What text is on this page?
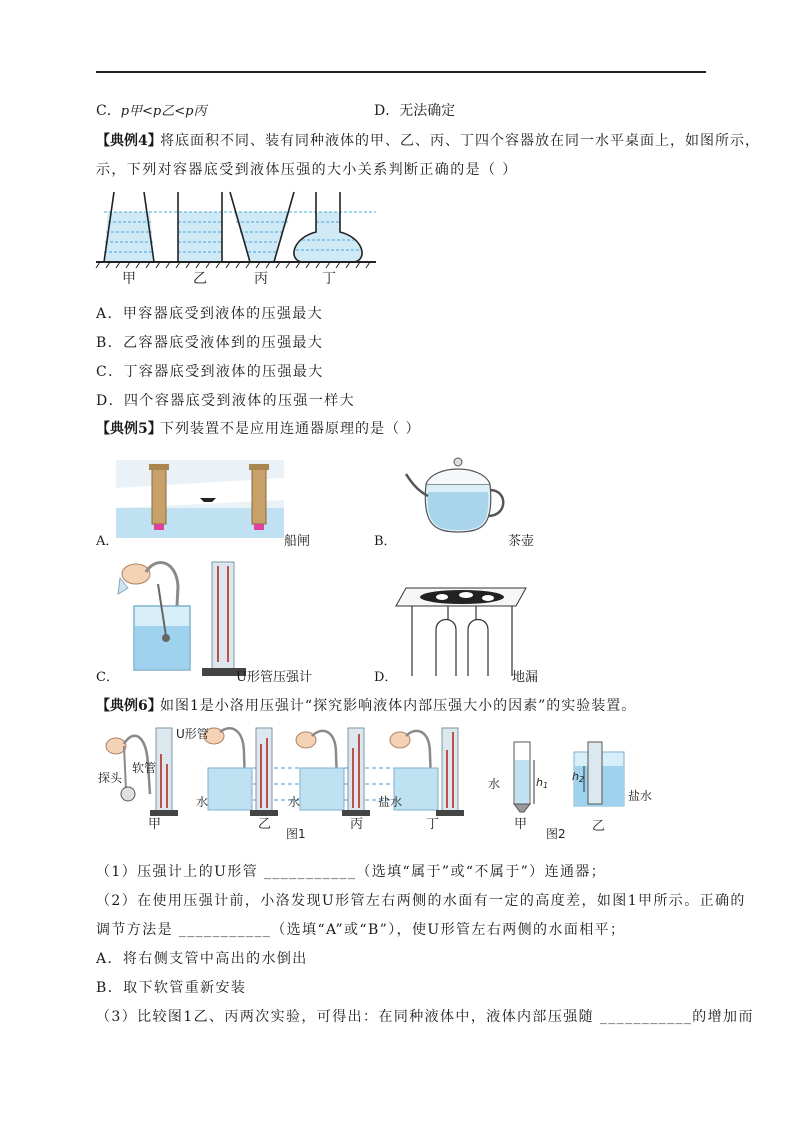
C．p甲<p乙<p丙	D．无法确定
【典例4】
将底面积不同、装有同种液体的甲、乙、丙、丁四个容器放在同一水平桌面上，如图所示，
示，下列对容器底受到液体压强的大小关系判断正确的是（ ）
甲	乙	丙	丁
A．甲容器底受到液体的压强最大
B．乙容器底受液体到的压强最大
C．丁容器底受到液体的压强最大
D．四个容器底受到液体的压强一样大
【典例5】
下列装置不是应用连通器原理的是（ ）
A．	船闸	B．	茶壶
C．	U形管压强计	D．	地漏
【典例6】
如图1是小洛用压强计“探究影响液体内部压强大小的因素”的实验装置。
探头
U形管
软管
水	水	盐水
甲	乙	丙	丁
图1
水	h1
h2
盐水
甲
图2 乙
（1）压强计上的U形管 ___________（选填“属于”或“不属于”）连通器；
（2）在使用压强计前，小洛发现U形管左右两侧的水面有一定的高度差，如图1甲所示。正确的
调节方法是 ___________（选填“A”或“B”），使U形管左右两侧的水面相平；
A．将右侧支管中高出的水倒出
B．取下软管重新安装
（3）比较图1乙、丙两次实验，可得出：在同种液体中，液体内部压强随 ___________的增加而
